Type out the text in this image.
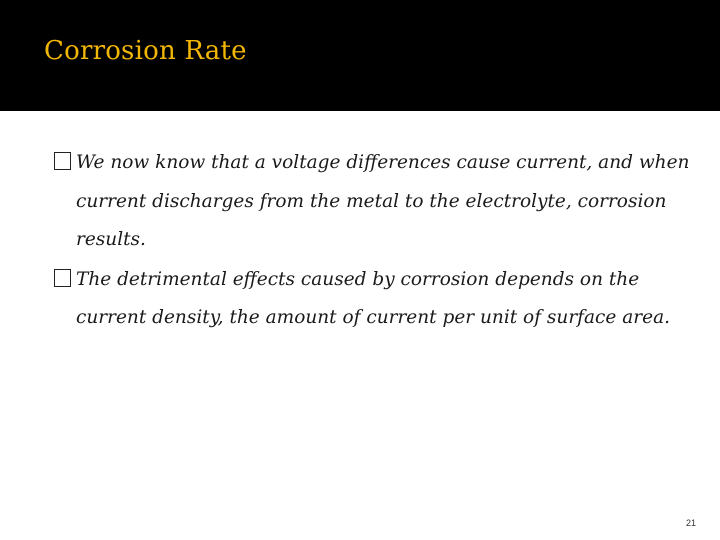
Corrosion Rate

We now know that a voltage differences cause current, and when current discharges from the metal to the electrolyte, corrosion results.

The detrimental effects caused by corrosion depends on the current density, the amount of current per unit of surface area.

21
